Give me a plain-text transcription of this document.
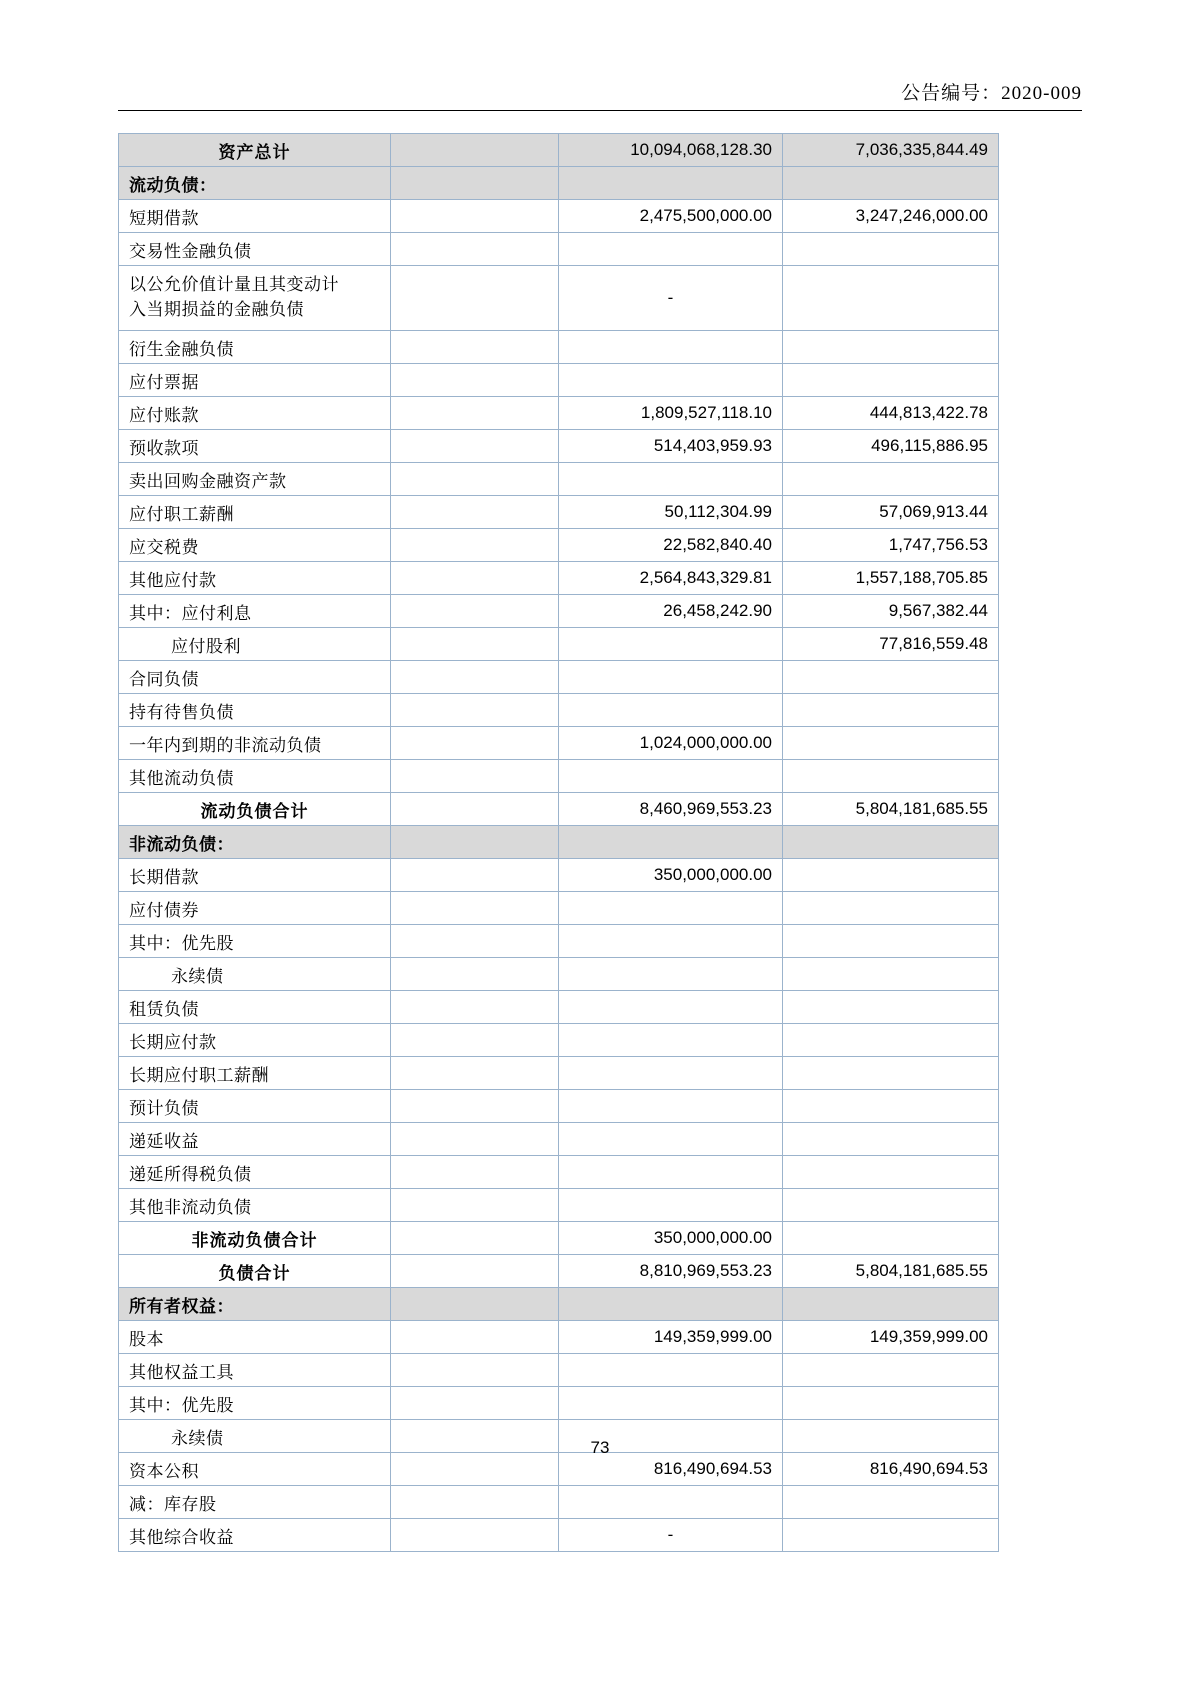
公告编号：2020-009
资产总计		10,094,068,128.30	7,036,335,844.49
流动负债：			
短期借款		2,475,500,000.00	3,247,246,000.00
交易性金融负债			

以公允价值计量且其变动计
入当期损益的金融负债		-	
衍生金融负债			
应付票据			
应付账款		1,809,527,118.10	444,813,422.78
预收款项		514,403,959.93	496,115,886.95
卖出回购金融资产款			
应付职工薪酬		50,112,304.99	57,069,913.44
应交税费		22,582,840.40	1,747,756.53
其他应付款		2,564,843,329.81	1,557,188,705.85
其中：应付利息		26,458,242.90	9,567,382.44
应付股利			77,816,559.48
合同负债			
持有待售负债			
一年内到期的非流动负债		1,024,000,000.00	
其他流动负债			
流动负债合计		8,460,969,553.23	5,804,181,685.55
非流动负债：			
长期借款		350,000,000.00	
应付债券			
其中：优先股			
永续债			
租赁负债			
长期应付款			
长期应付职工薪酬			
预计负债			
递延收益			
递延所得税负债			
其他非流动负债			
非流动负债合计		350,000,000.00	
负债合计		8,810,969,553.23	5,804,181,685.55
所有者权益：			
股本		149,359,999.00	149,359,999.00
其他权益工具			
其中：优先股			
永续债			
资本公积		816,490,694.53	816,490,694.53
减：库存股			
其他综合收益		-	
73
